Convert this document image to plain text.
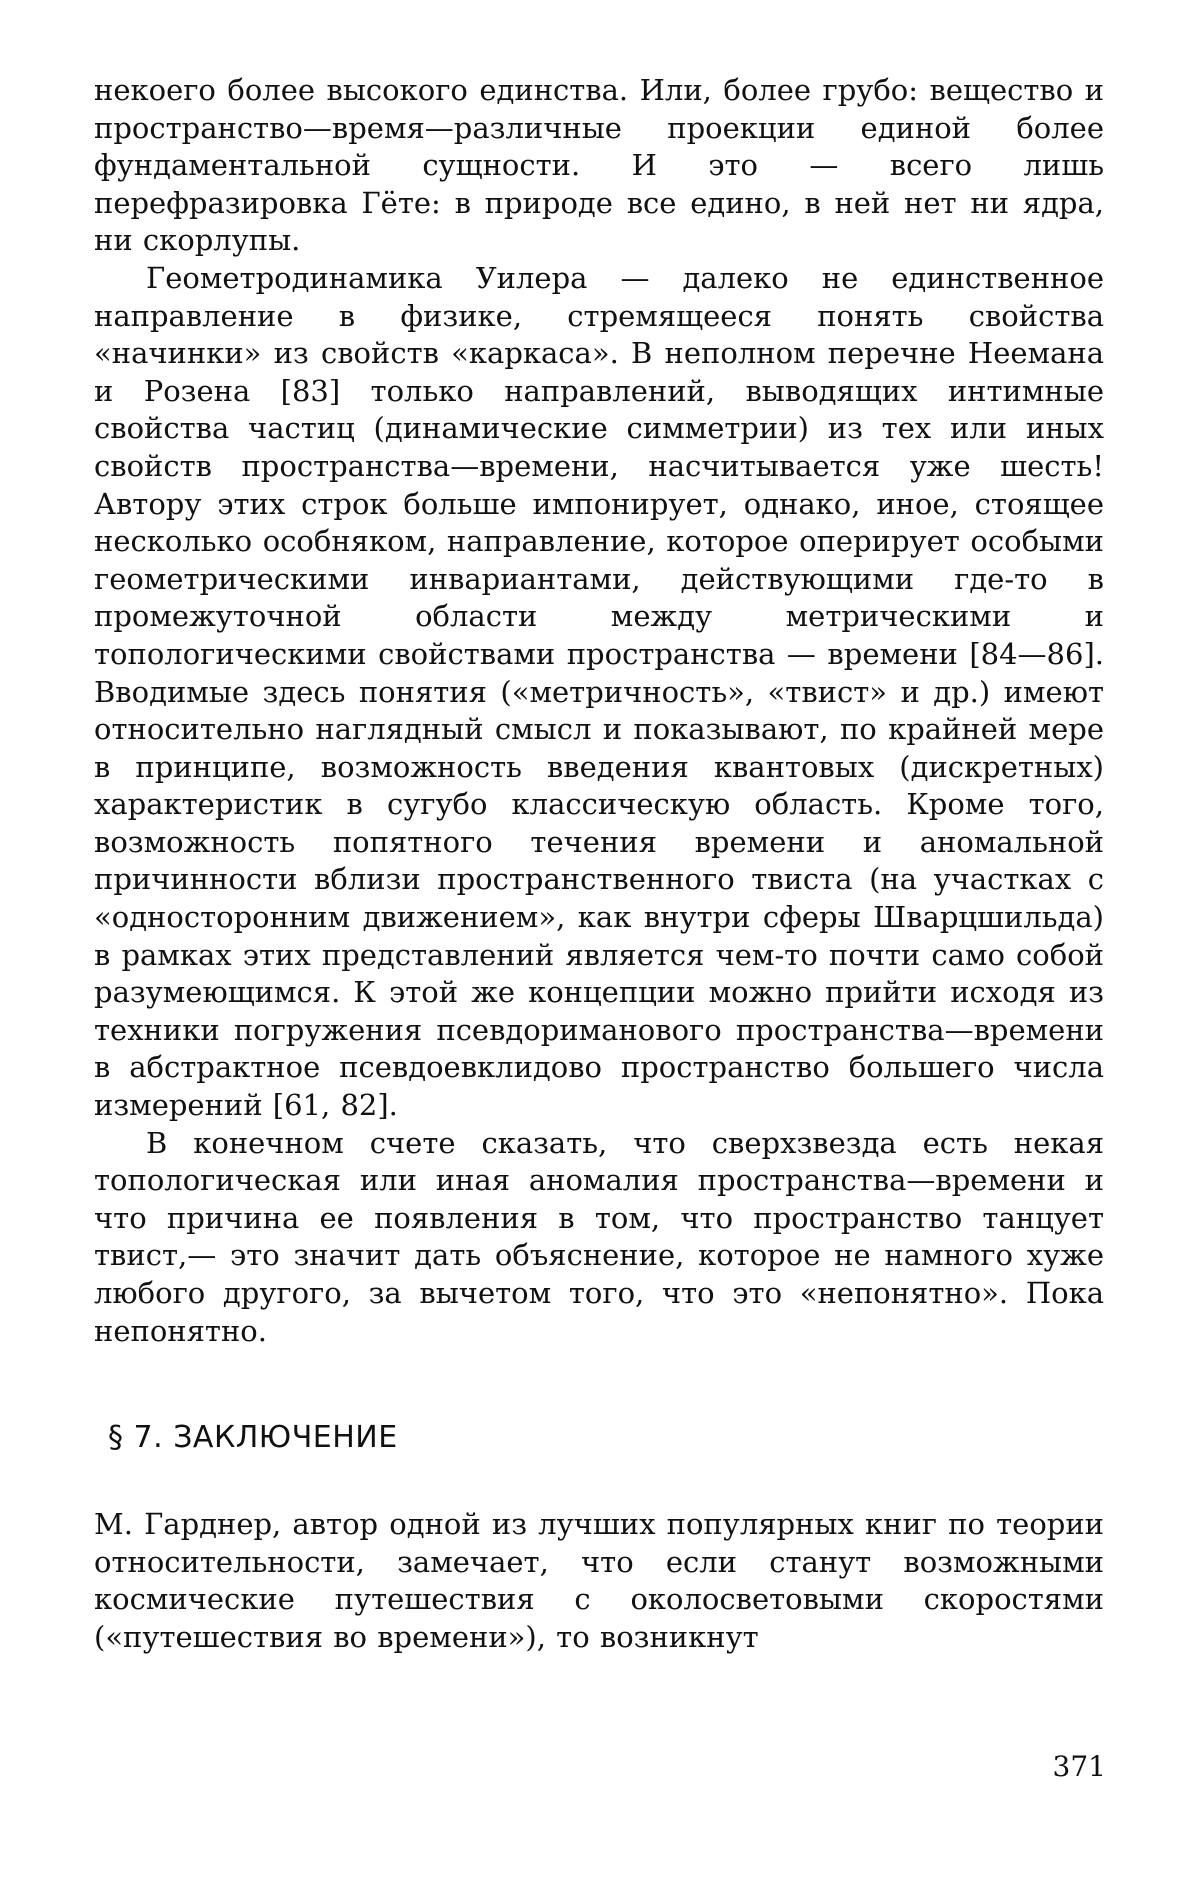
некоего более высокого единства. Или, более грубо: вещество и пространство—время—различные проекции единой более фундаментальной сущности. И это — всего лишь перефразировка Гёте: в природе все едино, в ней нет ни ядра, ни скорлупы.

Геометродинамика Уилера — далеко не единственное направление в физике, стремящееся понять свойства «начинки» из свойств «каркаса». В неполном перечне Неемана и Розена [83] только направлений, выводящих интимные свойства частиц (динамические симметрии) из тех или иных свойств пространства—времени, насчитывается уже шесть! Автору этих строк больше импонирует, однако, иное, стоящее несколько особняком, направление, которое оперирует особыми геометрическими инвариантами, действующими где-то в промежуточной области между метрическими и топологическими свойствами пространства — времени [84—86]. Вводимые здесь понятия («метричность», «твист» и др.) имеют относительно наглядный смысл и показывают, по крайней мере в принципе, возможность введения квантовых (дискретных) характеристик в сугубо классическую область. Кроме того, возможность попятного течения времени и аномальной причинности вблизи пространственного твиста (на участках с «односторонним движением», как внутри сферы Шварцшильда) в рамках этих представлений является чем-то почти само собой разумеющимся. К этой же концепции можно прийти исходя из техники погружения псевдориманового пространства—времени в абстрактное псевдоевклидово пространство большего числа измерений [61, 82].

В конечном счете сказать, что сверхзвезда есть некая топологическая или иная аномалия пространства—времени и что причина ее появления в том, что пространство танцует твист,— это значит дать объяснение, которое не намного хуже любого другого, за вычетом того, что это «непонятно». Пока непонятно.

§ 7. ЗАКЛЮЧЕНИЕ

М. Гарднер, автор одной из лучших популярных книг по теории относительности, замечает, что если станут возможными космические путешествия с околосветовыми скоростями («путешествия во времени»), то возникнут

371
